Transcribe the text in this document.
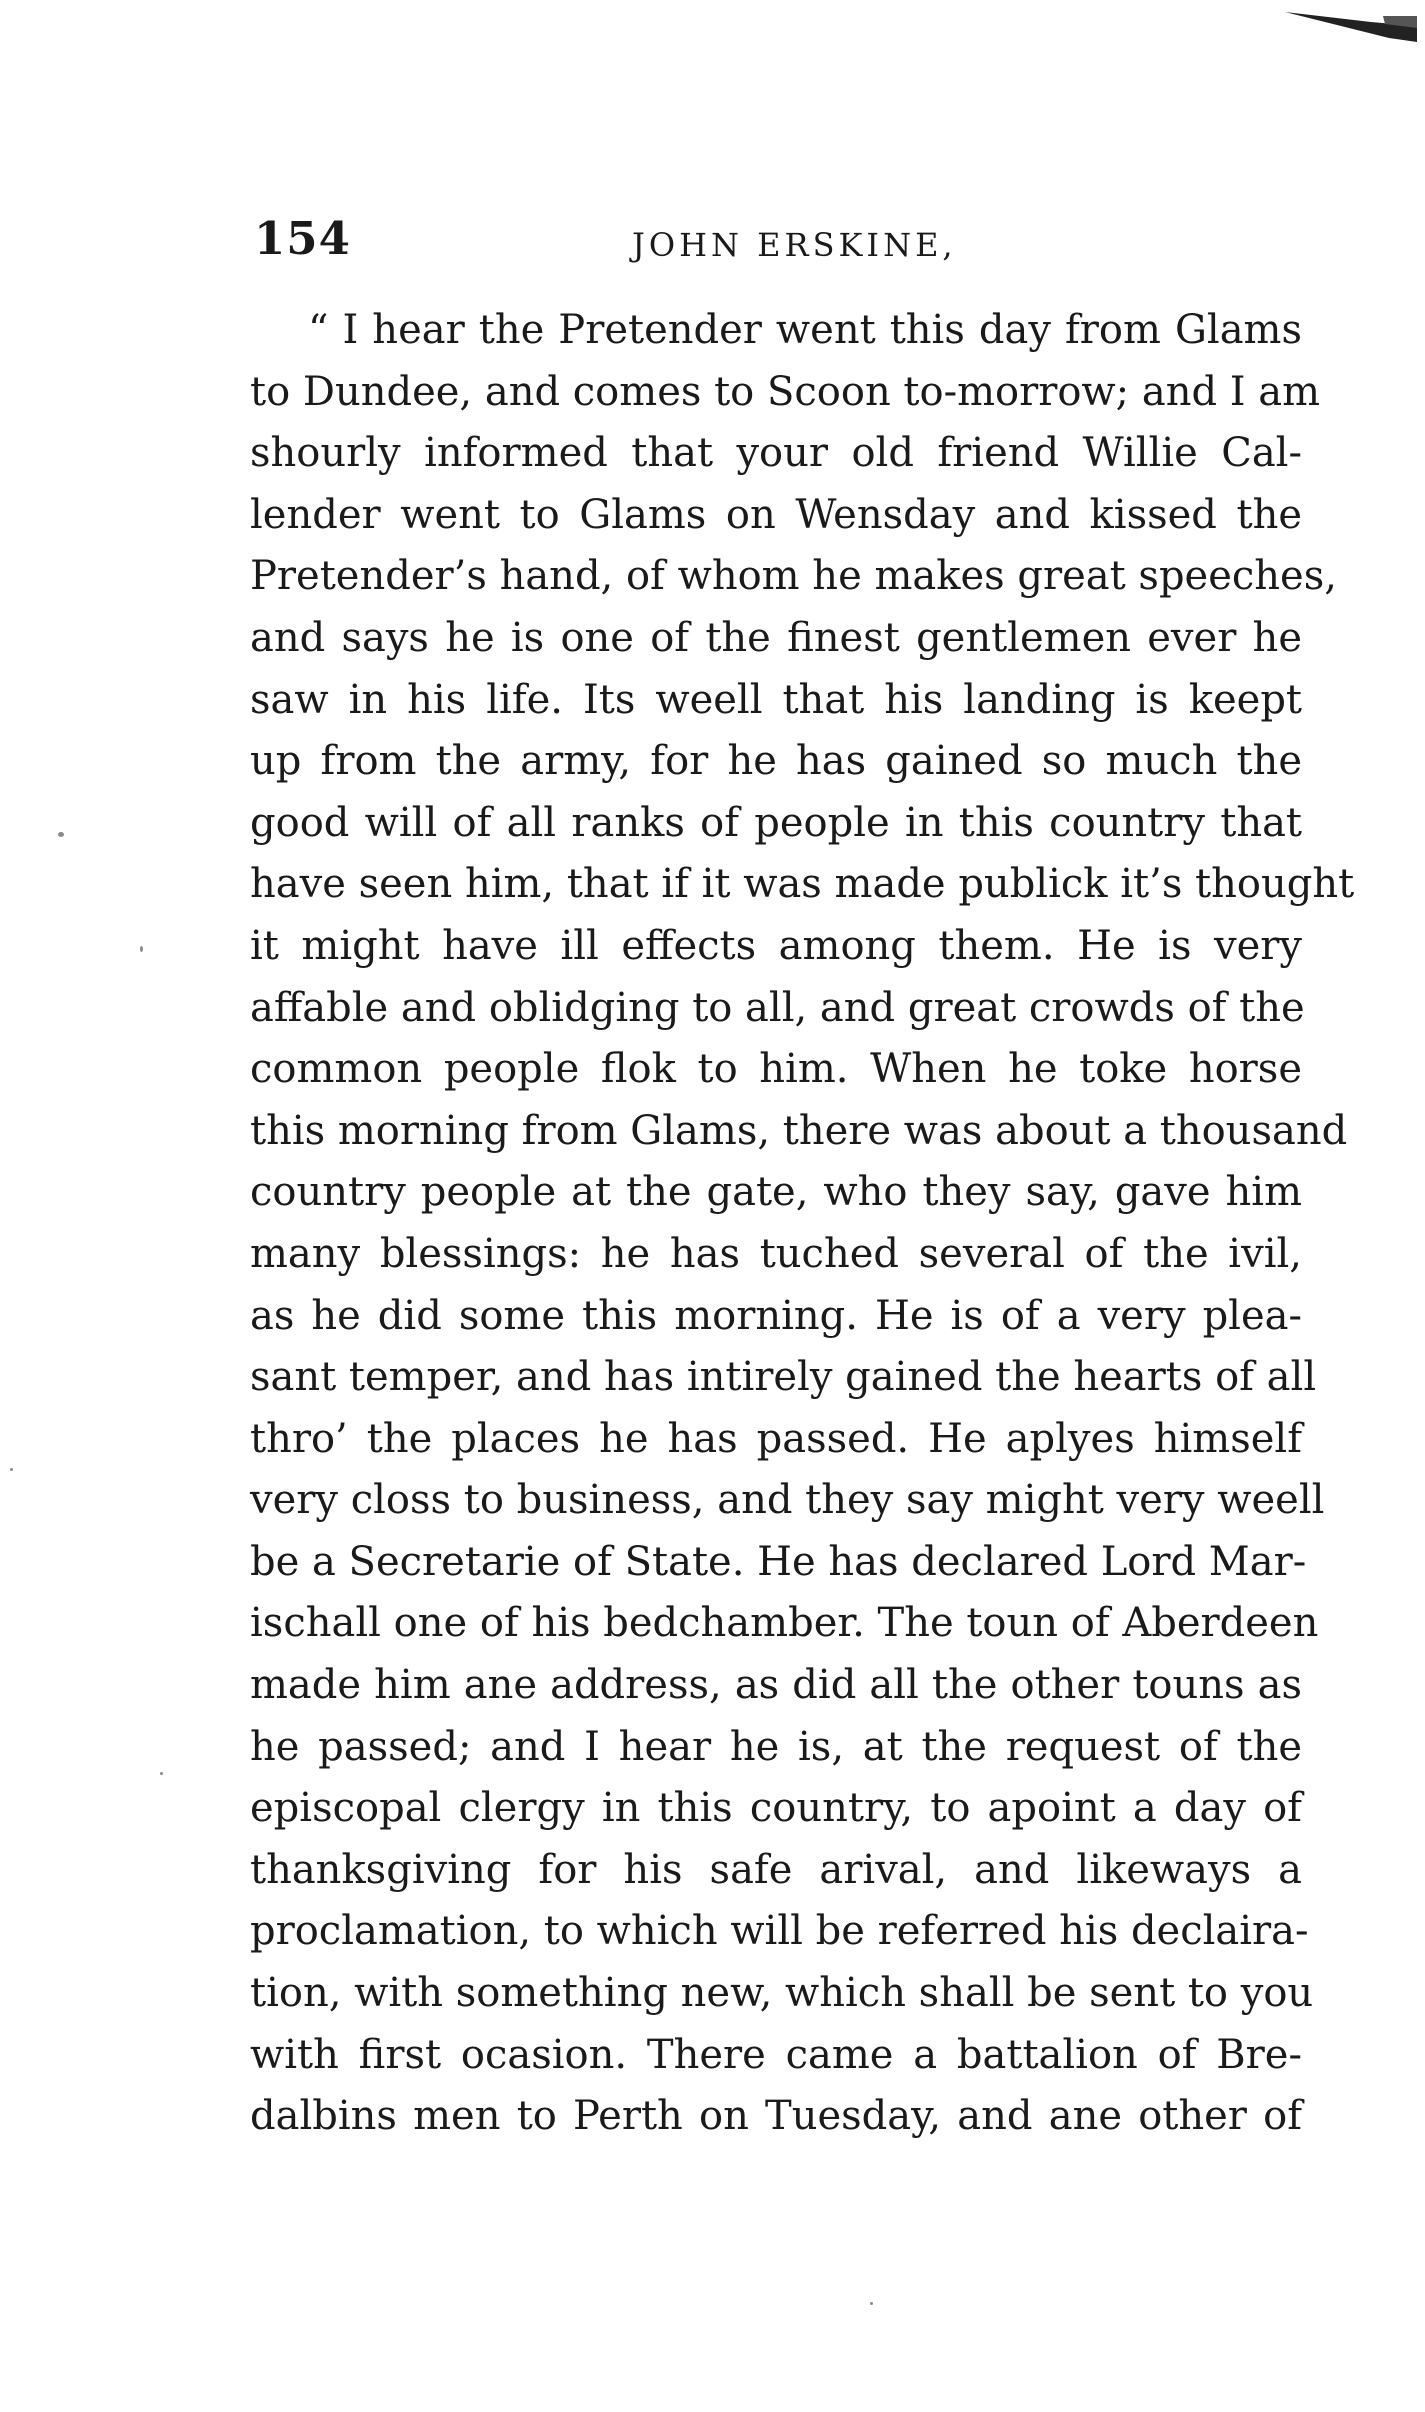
154	JOHN ERSKINE,
“ I hear the Pretender went this day from Glams
to Dundee, and comes to Scoon to-morrow; and I am
shourly informed that your old friend Willie Cal-
lender went to Glams on Wensday and kissed the
Pretender’s hand, of whom he makes great speeches,
and says he is one of the finest gentlemen ever he
saw in his life. Its weell that his landing is keept
up from the army, for he has gained so much the
good will of all ranks of people in this country that
have seen him, that if it was made publick it’s thought
it might have ill effects among them. He is very
affable and oblidging to all, and great crowds of the
common people flok to him. When he toke horse
this morning from Glams, there was about a thousand
country people at the gate, who they say, gave him
many blessings: he has tuched several of the ivil,
as he did some this morning. He is of a very plea-
sant temper, and has intirely gained the hearts of all
thro’ the places he has passed. He aplyes himself
very closs to business, and they say might very weell
be a Secretarie of State. He has declared Lord Mar-
ischall one of his bedchamber. The toun of Aberdeen
made him ane address, as did all the other touns as
he passed; and I hear he is, at the request of the
episcopal clergy in this country, to apoint a day of
thanksgiving for his safe arival, and likeways a
proclamation, to which will be referred his declaira-
tion, with something new, which shall be sent to you
with first ocasion. There came a battalion of Bre-
dalbins men to Perth on Tuesday, and ane other of
